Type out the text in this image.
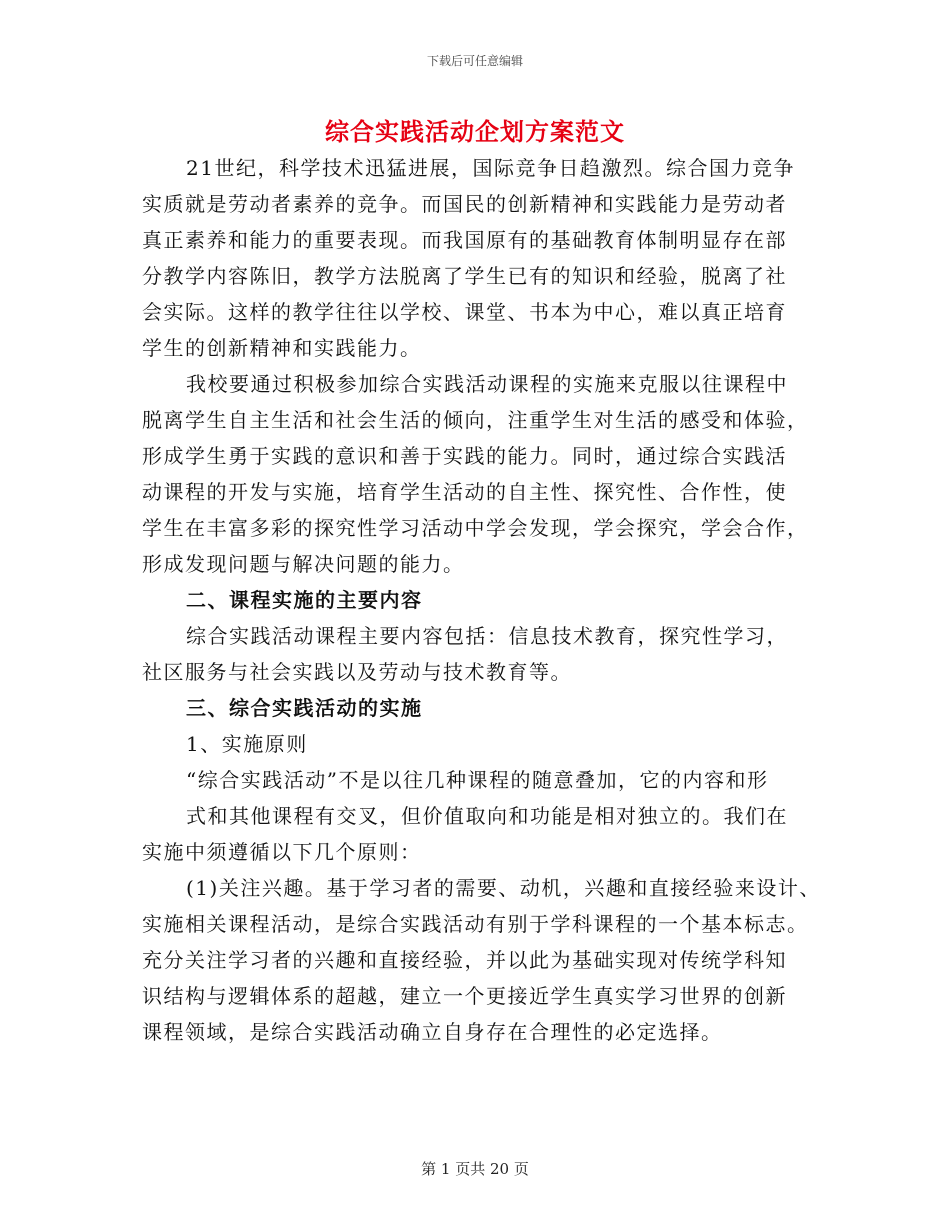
下载后可任意编辑
综合实践活动企划方案范文
21世纪，科学技术迅猛进展，国际竞争日趋激烈。综合国力竞争
实质就是劳动者素养的竞争。而国民的创新精神和实践能力是劳动者
真正素养和能力的重要表现。而我国原有的基础教育体制明显存在部
分教学内容陈旧，教学方法脱离了学生已有的知识和经验，脱离了社
会实际。这样的教学往往以学校、课堂、书本为中心，难以真正培育
学生的创新精神和实践能力。
我校要通过积极参加综合实践活动课程的实施来克服以往课程中
脱离学生自主生活和社会生活的倾向，注重学生对生活的感受和体验，
形成学生勇于实践的意识和善于实践的能力。同时，通过综合实践活
动课程的开发与实施，培育学生活动的自主性、探究性、合作性，使
学生在丰富多彩的探究性学习活动中学会发现，学会探究，学会合作，
形成发现问题与解决问题的能力。
二、课程实施的主要内容
综合实践活动课程主要内容包括：信息技术教育，探究性学习，
社区服务与社会实践以及劳动与技术教育等。
三、综合实践活动的实施
1、实施原则
“综合实践活动”不是以往几种课程的随意叠加，它的内容和形
式和其他课程有交叉，但价值取向和功能是相对独立的。我们在
实施中须遵循以下几个原则：
(1)关注兴趣。基于学习者的需要、动机，兴趣和直接经验来设计、
实施相关课程活动，是综合实践活动有别于学科课程的一个基本标志。
充分关注学习者的兴趣和直接经验，并以此为基础实现对传统学科知
识结构与逻辑体系的超越，建立一个更接近学生真实学习世界的创新
课程领域，是综合实践活动确立自身存在合理性的必定选择。
第 1 页共 20 页
